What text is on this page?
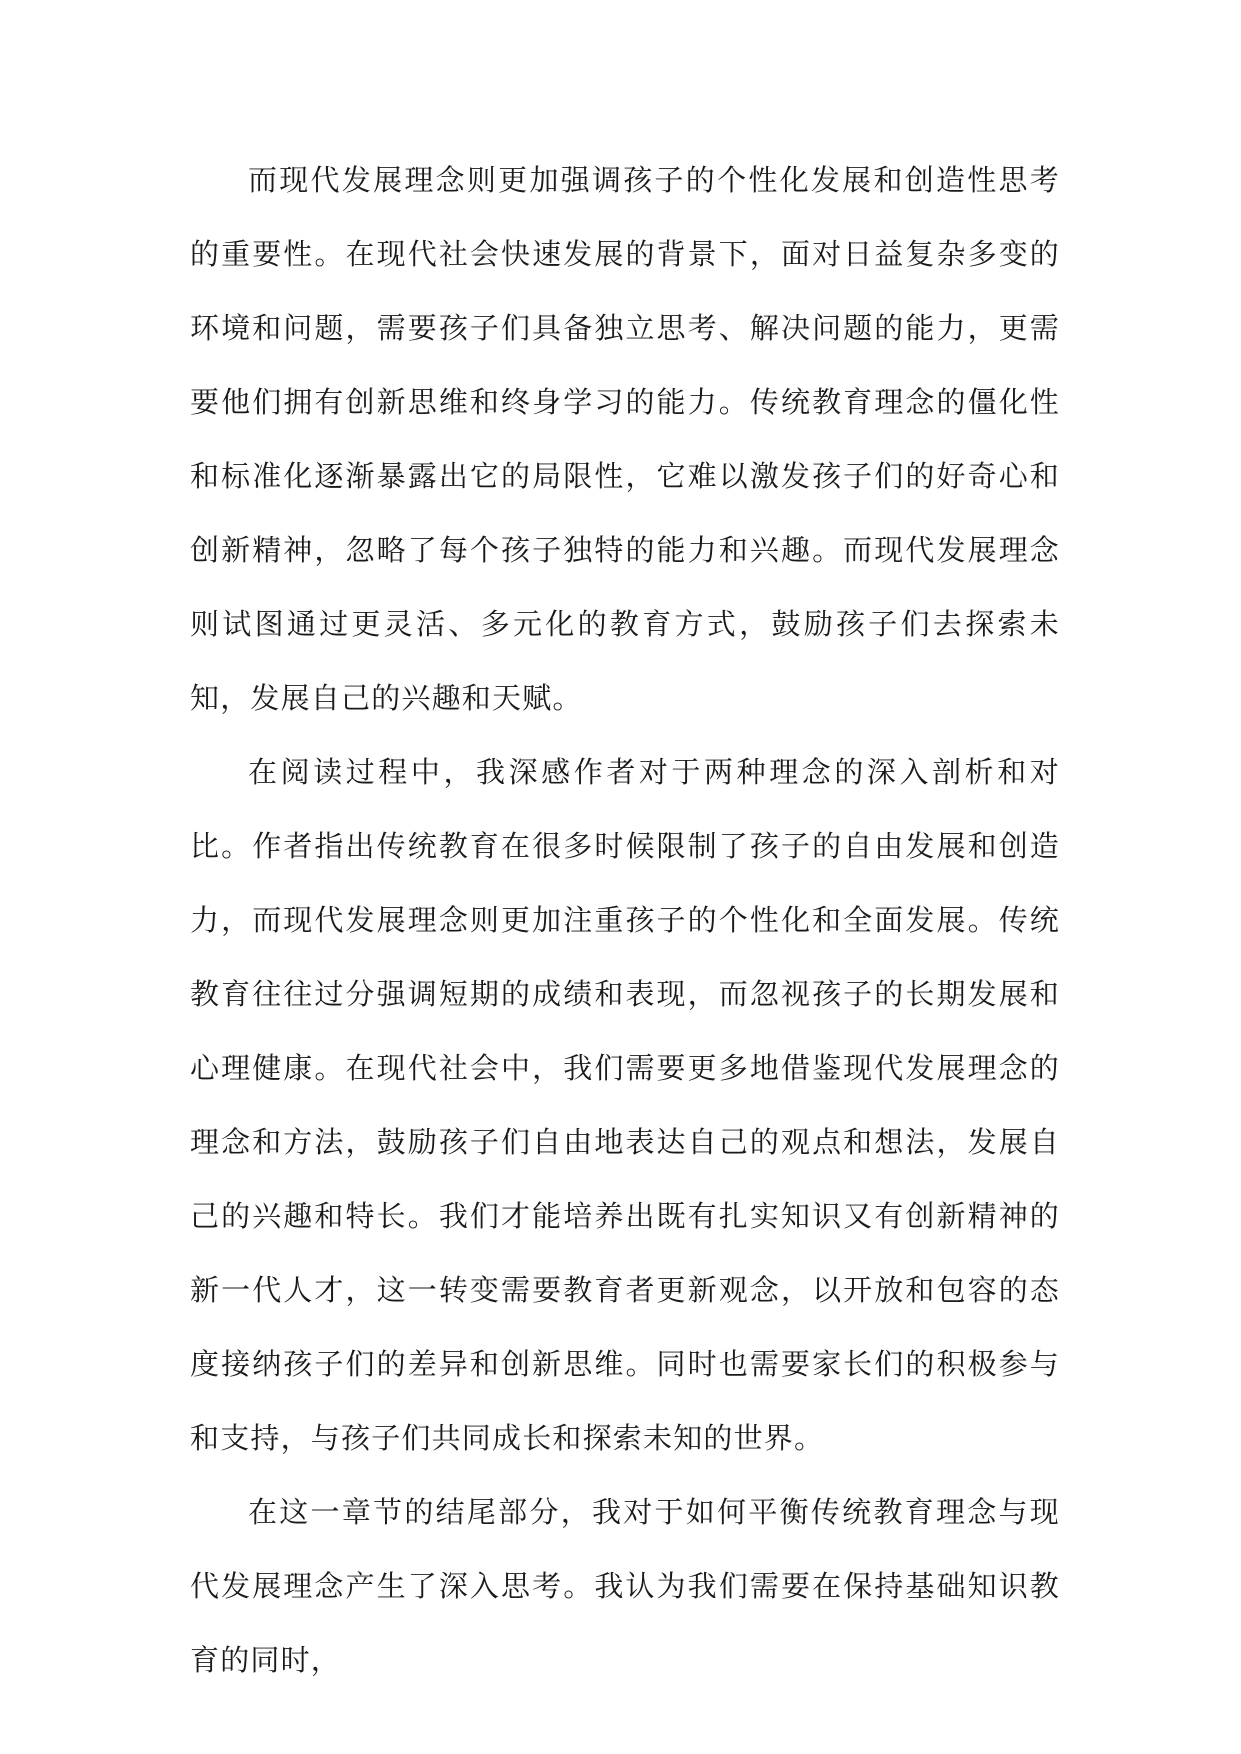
而现代发展理念则更加强调孩子的个性化发展和创造性思考的重要性。在现代社会快速发展的背景下，面对日益复杂多变的环境和问题，需要孩子们具备独立思考、解决问题的能力，更需要他们拥有创新思维和终身学习的能力。传统教育理念的僵化性和标准化逐渐暴露出它的局限性，它难以激发孩子们的好奇心和创新精神，忽略了每个孩子独特的能力和兴趣。而现代发展理念则试图通过更灵活、多元化的教育方式，鼓励孩子们去探索未知，发展自己的兴趣和天赋。

在阅读过程中，我深感作者对于两种理念的深入剖析和对比。作者指出传统教育在很多时候限制了孩子的自由发展和创造力，而现代发展理念则更加注重孩子的个性化和全面发展。传统教育往往过分强调短期的成绩和表现，而忽视孩子的长期发展和心理健康。在现代社会中，我们需要更多地借鉴现代发展理念的理念和方法，鼓励孩子们自由地表达自己的观点和想法，发展自己的兴趣和特长。我们才能培养出既有扎实知识又有创新精神的新一代人才，这一转变需要教育者更新观念，以开放和包容的态度接纳孩子们的差异和创新思维。同时也需要家长们的积极参与和支持，与孩子们共同成长和探索未知的世界。

在这一章节的结尾部分，我对于如何平衡传统教育理念与现代发展理念产生了深入思考。我认为我们需要在保持基础知识教育的同时，
